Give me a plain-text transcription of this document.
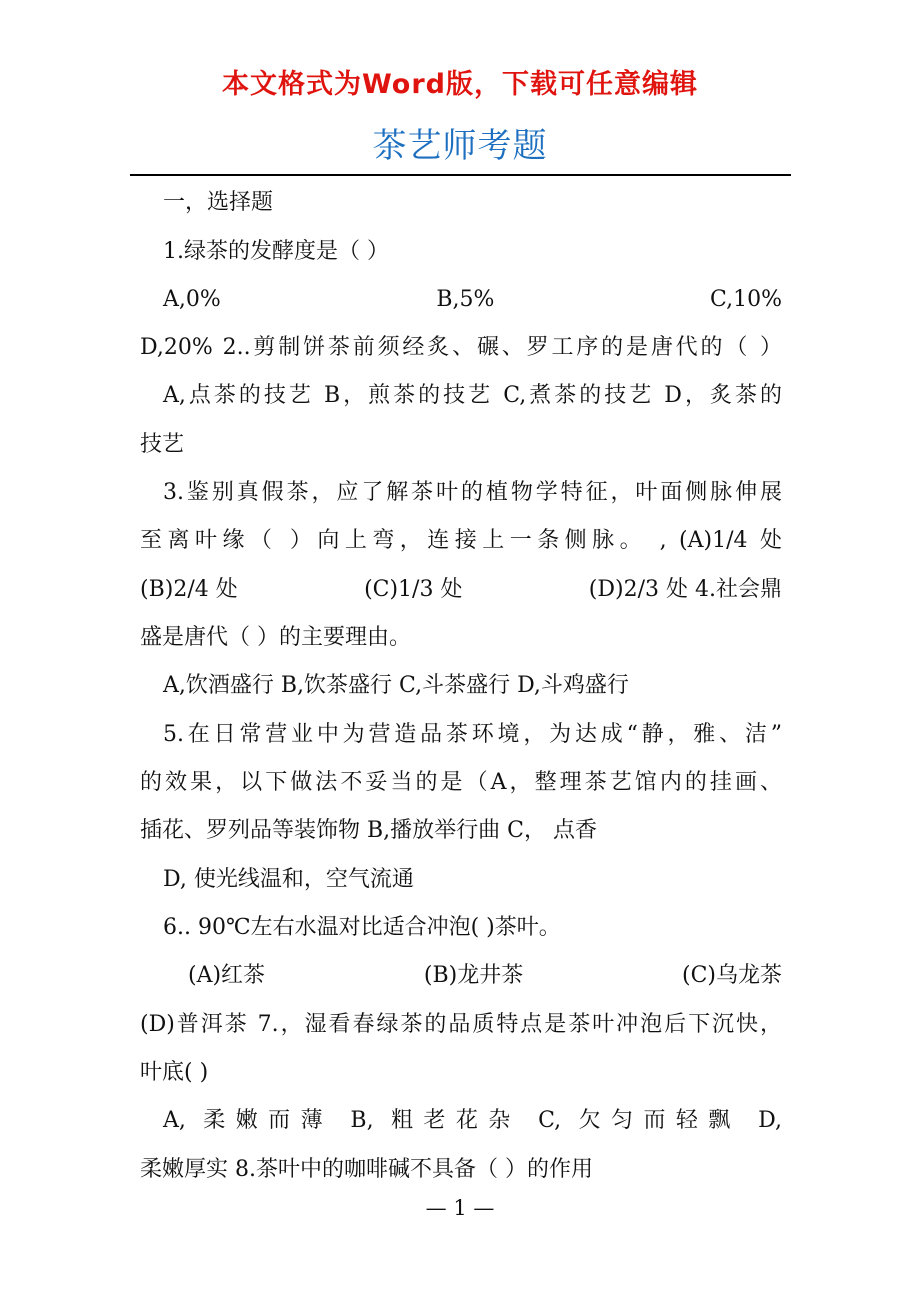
本文格式为Word版，下载可任意编辑
茶艺师考题
一，选择题
1.绿茶的发酵度是（ ）
A,0%	B,5%	C,10%
D,20% 2..剪制饼茶前须经炙、碾、罗工序的是唐代的（ ）
A,点茶的技艺 B，煎茶的技艺 C,煮茶的技艺 D，炙茶的
技艺
3.鉴别真假茶，应了解茶叶的植物学特征，叶面侧脉伸展
至离叶缘（ ）向上弯，连接上一条侧脉。 , (A)1/4 处
(B)2/4 处	(C)1/3 处	(D)2/3 处 4.社会鼎
盛是唐代（ ）的主要理由。
A,饮酒盛行 B,饮茶盛行 C,斗茶盛行 D,斗鸡盛行
5.在日常营业中为营造品茶环境，为达成“静，雅、洁”
的效果，以下做法不妥当的是（A，整理茶艺馆内的挂画、
插花、罗列品等装饰物 B,播放举行曲 C， 点香
D, 使光线温和，空气流通
6.. 90℃左右水温对比适合冲泡( )茶叶。
(A)红茶	(B)龙井茶	(C)乌龙茶
(D)普洱茶 7.，湿看春绿茶的品质特点是茶叶冲泡后下沉快，
叶底( )
A, 柔嫩而薄 B, 粗老花杂 C, 欠匀而轻飘 D,
柔嫩厚实 8.茶叶中的咖啡碱不具备（ ）的作用
— 1 —
